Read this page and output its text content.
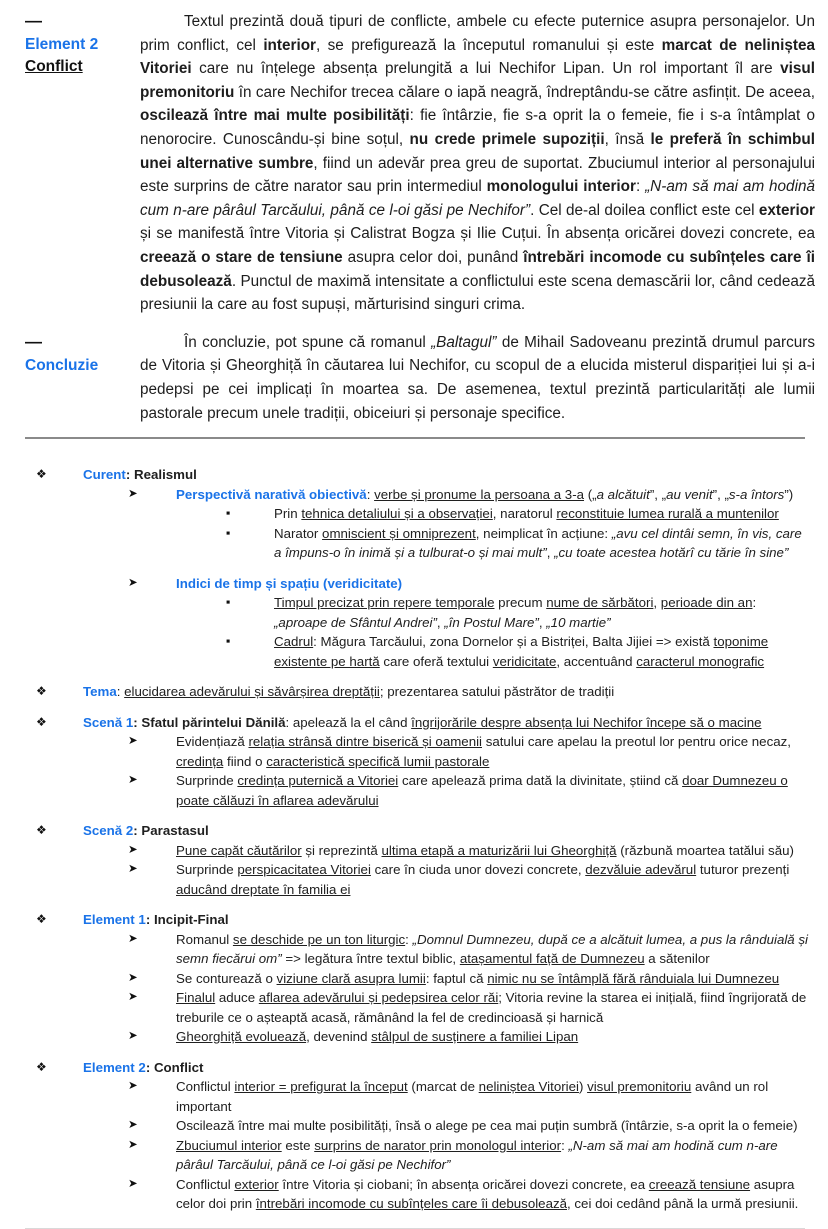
—
Element 2
Conflict

Textul prezintă două tipuri de conflicte, ambele cu efecte puternice asupra personajelor. Un prim conflict, cel interior, se prefigurează la începutul romanului și este marcat de neliniștea Vitoriei care nu înțelege absența prelungită a lui Nechifor Lipan. Un rol important îl are visul premonitoriu în care Nechifor trecea călare o iapă neagră, îndreptându-se către asfințit. De aceea, oscilează între mai multe posibilități: fie întârzie, fie s-a oprit la o femeie, fie i s-a întâmplat o nenorocire. Cunoscându-și bine soțul, nu crede primele supoziții, însă le preferă în schimbul unei alternative sumbre, fiind un adevăr prea greu de suportat. Zbuciumul interior al personajului este surprins de către narator sau prin intermediul monologului interior: „N-am să mai am hodină cum n-are pârâul Tarcăului, până ce l-oi găsi pe Nechifor”. Cel de-al doilea conflict este cel exterior și se manifestă între Vitoria și Calistrat Bogza și Ilie Cuțui. În absența oricărei dovezi concrete, ea creează o stare de tensiune asupra celor doi, punând întrebări incomode cu subînțeles care îi debusolează. Punctul de maximă intensitate a conflictului este scena demascării lor, când cedează presiunii la care au fost supuși, mărturisind singuri crima.

—
Concluzie

În concluzie, pot spune că romanul „Baltagul” de Mihail Sadoveanu prezintă drumul parcurs de Vitoria și Gheorghiță în căutarea lui Nechifor, cu scopul de a elucida misterul dispariției lui și a-i pedepsi pe cei implicați în moartea sa. De asemenea, textul prezintă particularități ale lumii pastorale precum unele tradiții, obiceiuri și personaje specifice.

❖	Curent: Realismul
➤	Perspectivă narativă obiectivă: verbe și pronume la persoana a 3-a („a alcătuit”, „au venit”, „s-a întors”)
▪	Prin tehnica detaliului și a observației, naratorul reconstituie lumea rurală a muntenilor
▪	Narator omniscient și omniprezent, neimplicat în acțiune: „avu cel dintâi semn, în vis, care a împuns-o în inimă și a tulburat-o și mai mult”, „cu toate acestea hotărî cu tărie în sine”
➤	Indici de timp și spațiu (veridicitate)
▪	Timpul precizat prin repere temporale precum nume de sărbători, perioade din an: „aproape de Sfântul Andrei”, „în Postul Mare”, „10 martie”
▪	Cadrul: Măgura Tarcăului, zona Dornelor și a Bistriței, Balta Jijiei => există toponime existente pe hartă care oferă textului veridicitate, accentuând caracterul monografic
❖	Tema: elucidarea adevărului și săvârșirea dreptății; prezentarea satului păstrător de tradiții
❖	Scenă 1: Sfatul părintelui Dănilă: apelează la el când îngrijorările despre absența lui Nechifor începe să o macine
➤	Evidențiază relația strânsă dintre biserică și oamenii satului care apelau la preotul lor pentru orice necaz, credința fiind o caracteristică specifică lumii pastorale
➤	Surprinde credința puternică a Vitoriei care apelează prima dată la divinitate, știind că doar Dumnezeu o poate călăuzi în aflarea adevărului
❖	Scenă 2: Parastasul
➤	Pune capăt căutărilor și reprezintă ultima etapă a maturizării lui Gheorghiță (răzbună moartea tatălui său)
➤	Surprinde perspicacitatea Vitoriei care în ciuda unor dovezi concrete, dezvăluie adevărul tuturor prezenți aducând dreptate în familia ei
❖	Element 1: Incipit-Final
➤	Romanul se deschide pe un ton liturgic: „Domnul Dumnezeu, după ce a alcătuit lumea, a pus la rânduială și semn fiecărui om” => legătura între textul biblic, atașamentul față de Dumnezeu a sătenilor
➤	Se conturează o viziune clară asupra lumii: faptul că nimic nu se întâmplă fără rânduiala lui Dumnezeu
➤	Finalul aduce aflarea adevărului și pedepsirea celor răi; Vitoria revine la starea ei inițială, fiind îngrijorată de treburile ce o așteaptă acasă, rămânând la fel de credincioasă și harnică
➤	Gheorghiță evoluează, devenind stâlpul de susținere a familiei Lipan
❖	Element 2: Conflict
➤	Conflictul interior = prefigurat la început (marcat de neliniștea Vitoriei) visul premonitoriu având un rol important
➤	Oscilează între mai multe posibilități, însă o alege pe cea mai puțin sumbră (întârzie, s-a oprit la o femeie)
➤	Zbuciumul interior este surprins de narator prin monologul interior: „N-am să mai am hodină cum n-are pârâul Tarcăului, până ce l-oi găsi pe Nechifor”
➤	Conflictul exterior între Vitoria și ciobani; în absența oricărei dovezi concrete, ea creează tensiune asupra celor doi prin întrebări incomode cu subînțeles care îi debusolează, cei doi cedând până la urmă presiunii.
